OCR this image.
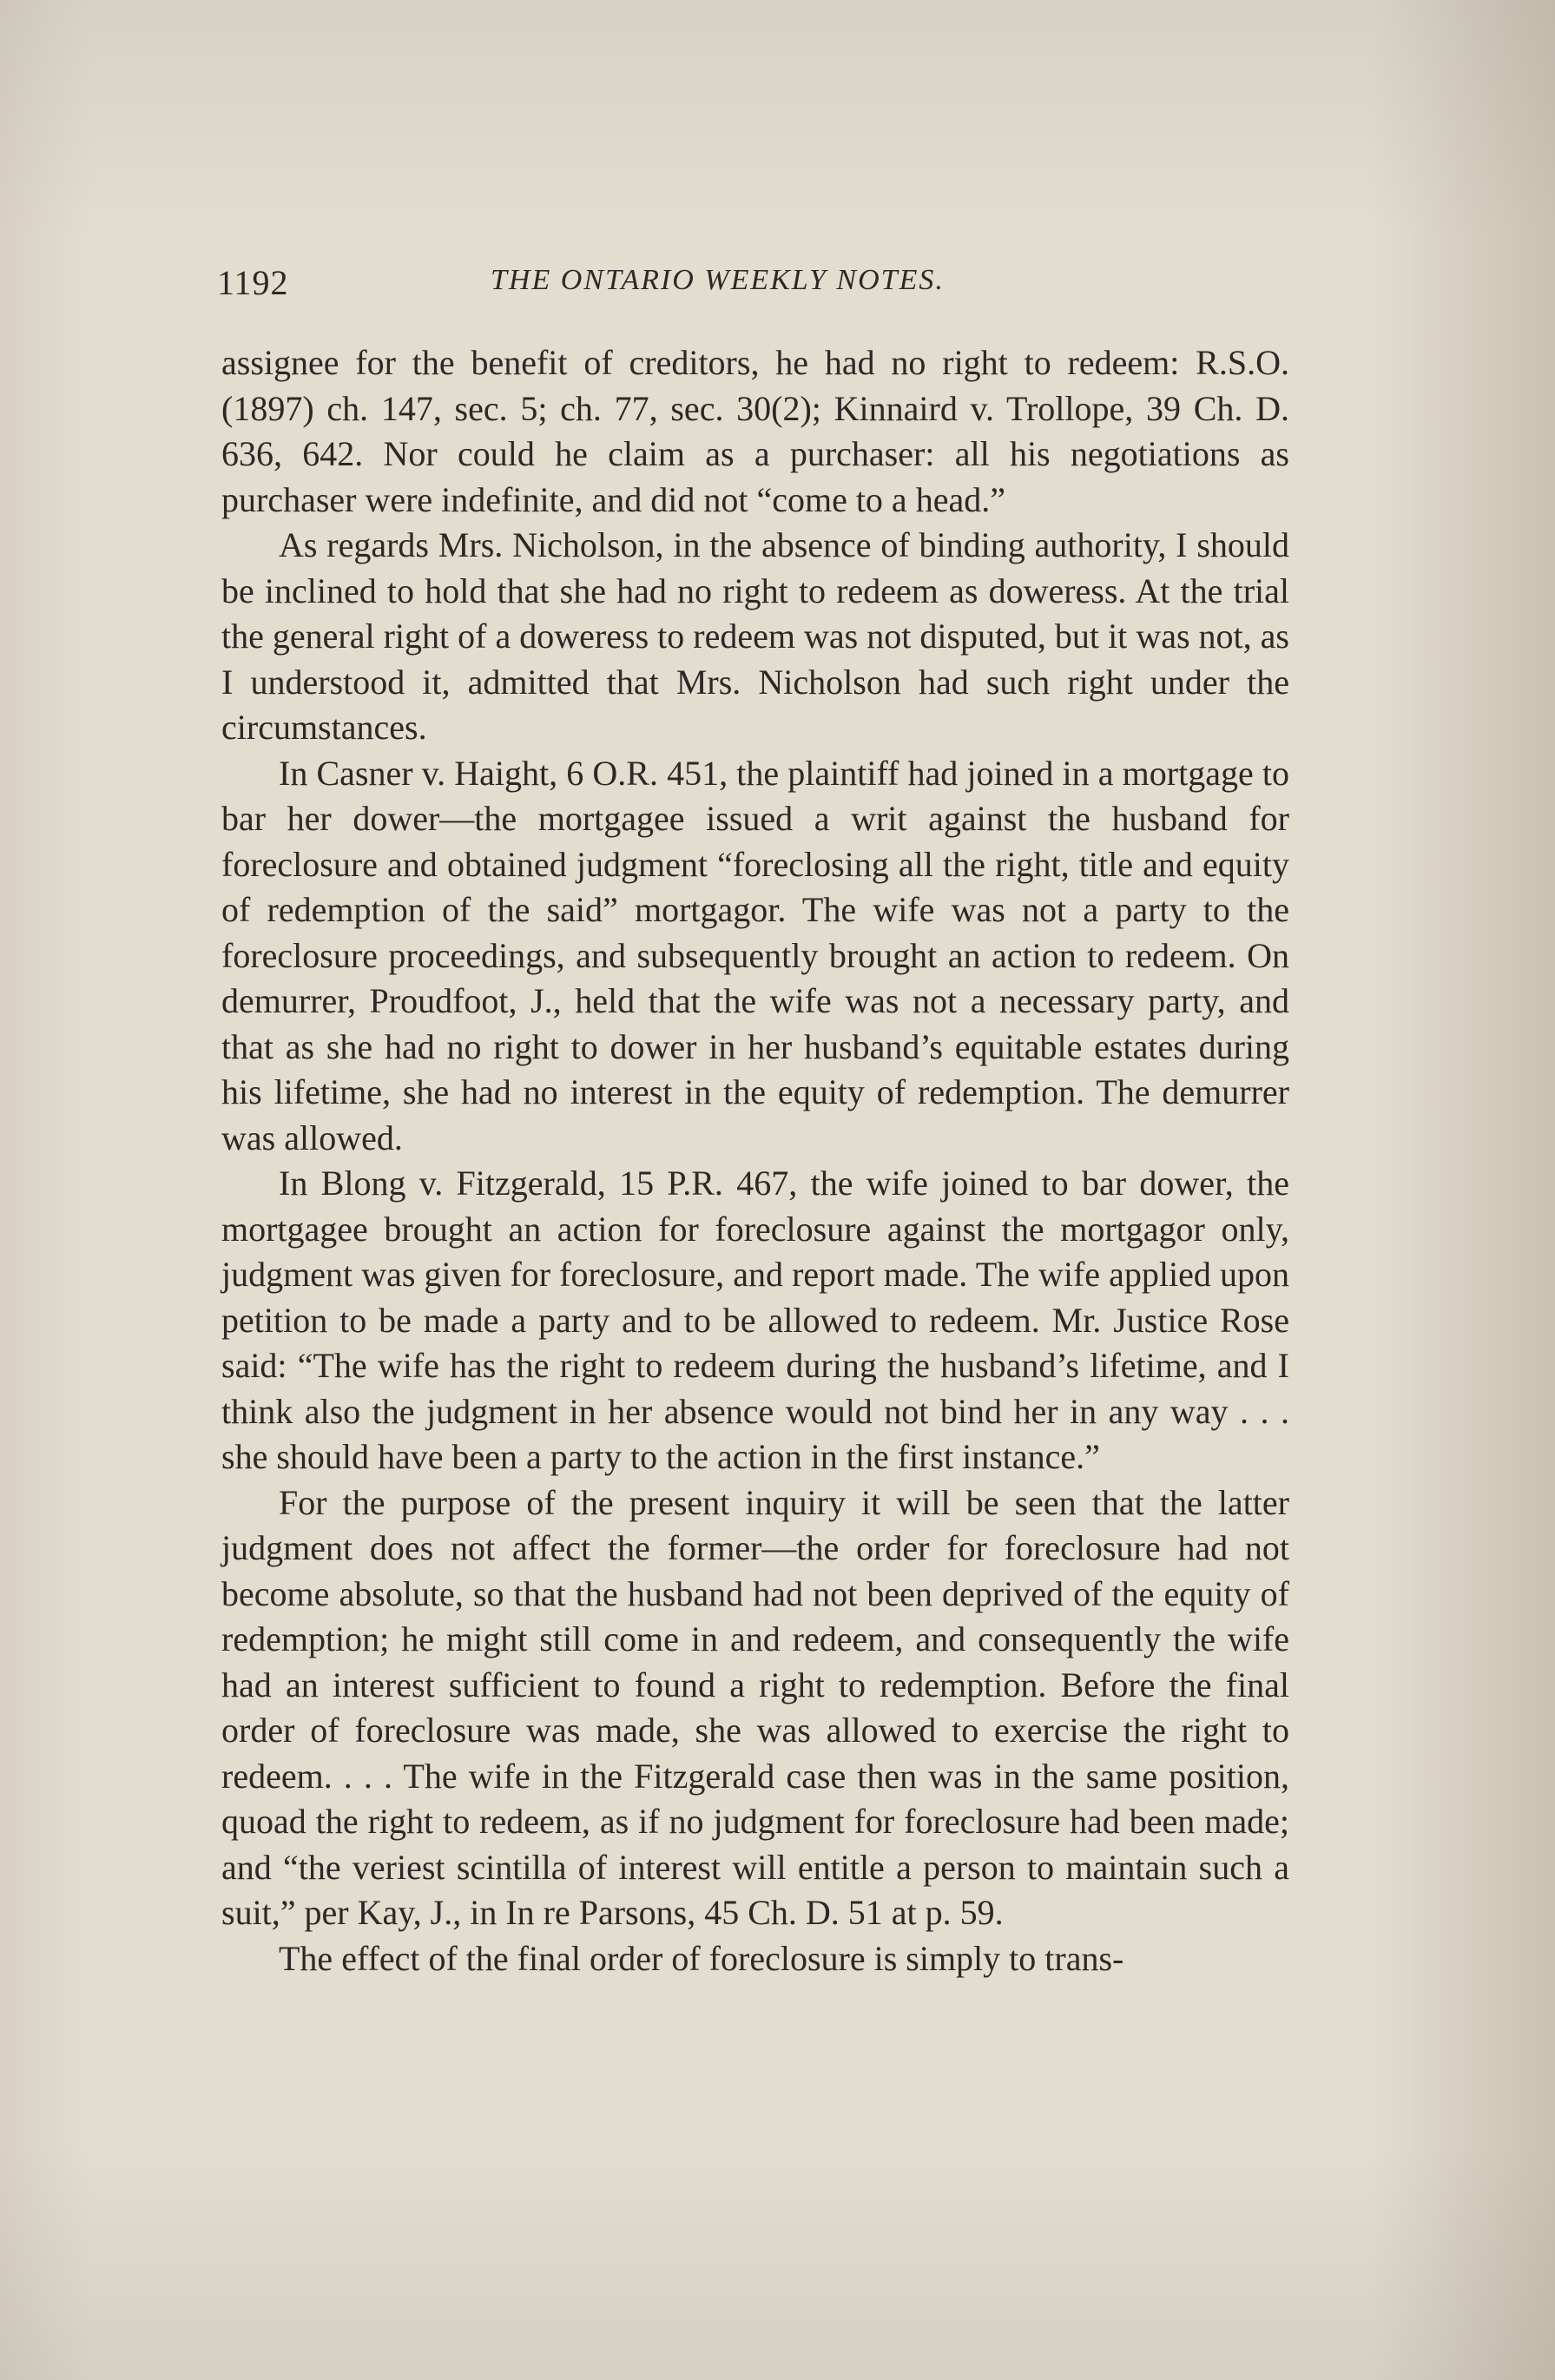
1192	THE ONTARIO WEEKLY NOTES.

assignee for the benefit of creditors, he had no right to redeem: R.S.O. (1897) ch. 147, sec. 5; ch. 77, sec. 30(2); Kinnaird v. Trollope, 39 Ch. D. 636, 642. Nor could he claim as a purchaser: all his negotiations as purchaser were indefinite, and did not “come to a head.”

As regards Mrs. Nicholson, in the absence of binding authority, I should be inclined to hold that she had no right to redeem as doweress. At the trial the general right of a doweress to redeem was not disputed, but it was not, as I understood it, admitted that Mrs. Nicholson had such right under the circumstances.

In Casner v. Haight, 6 O.R. 451, the plaintiff had joined in a mortgage to bar her dower—the mortgagee issued a writ against the husband for foreclosure and obtained judgment “foreclosing all the right, title and equity of redemption of the said” mortgagor. The wife was not a party to the foreclosure proceedings, and subsequently brought an action to redeem. On demurrer, Proudfoot, J., held that the wife was not a necessary party, and that as she had no right to dower in her husband’s equitable estates during his lifetime, she had no interest in the equity of redemption. The demurrer was allowed.

In Blong v. Fitzgerald, 15 P.R. 467, the wife joined to bar dower, the mortgagee brought an action for foreclosure against the mortgagor only, judgment was given for foreclosure, and report made. The wife applied upon petition to be made a party and to be allowed to redeem. Mr. Justice Rose said: “The wife has the right to redeem during the husband’s lifetime, and I think also the judgment in her absence would not bind her in any way . . . she should have been a party to the action in the first instance.”

For the purpose of the present inquiry it will be seen that the latter judgment does not affect the former—the order for foreclosure had not become absolute, so that the husband had not been deprived of the equity of redemption; he might still come in and redeem, and consequently the wife had an interest sufficient to found a right to redemption. Before the final order of foreclosure was made, she was allowed to exercise the right to redeem. . . . The wife in the Fitzgerald case then was in the same position, quoad the right to redeem, as if no judgment for foreclosure had been made; and “the veriest scintilla of interest will entitle a person to maintain such a suit,” per Kay, J., in In re Parsons, 45 Ch. D. 51 at p. 59.

The effect of the final order of foreclosure is simply to trans-
